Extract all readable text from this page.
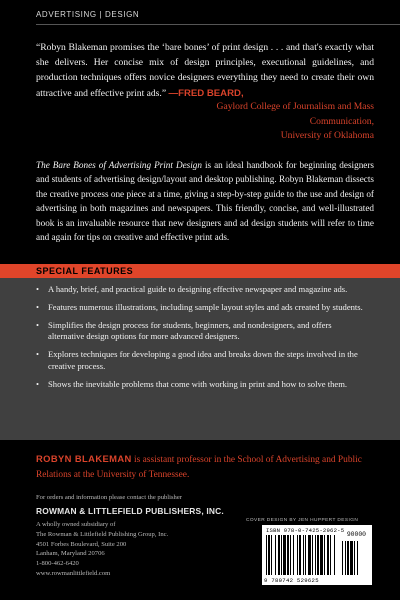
ADVERTISING | DESIGN
“Robyn Blakeman promises the ‘bare bones’ of print design . . . and that's exactly what she delivers. Her concise mix of design principles, executional guidelines, and production techniques offers novice designers everything they need to create their own attractive and effective print ads.” —FRED BEARD,
Gaylord College of Journalism and Mass Communication,
University of Oklahoma
The Bare Bones of Advertising Print Design is an ideal handbook for beginning designers and students of advertising design/layout and desktop publishing. Robyn Blakeman dissects the creative process one piece at a time, giving a step-by-step guide to the use and design of advertising in both magazines and newspapers. This friendly, concise, and well-illustrated book is an invaluable resource that new designers and ad design students will refer to time and again for tips on creative and effective print ads.
SPECIAL FEATURES
• A handy, brief, and practical guide to designing effective newspaper and magazine ads.
• Features numerous illustrations, including sample layout styles and ads created by students.
• Simplifies the design process for students, beginners, and nondesigners, and offers alternative design options for more advanced designers.
• Explores techniques for developing a good idea and breaks down the steps involved in the creative process.
• Shows the inevitable problems that come with working in print and how to solve them.
ROBYN BLAKEMAN is assistant professor in the School of Advertising and Public Relations at the University of Tennessee.
For orders and information please contact the publisher
ROWMAN & LITTLEFIELD PUBLISHERS, INC.
A wholly owned subsidiary of
The Rowman & Littlefield Publishing Group, Inc.
4501 Forbes Boulevard, Suite 200
Lanham, Maryland 20706
1-800-462-6420
www.rowmanlittlefield.com
COVER DESIGN BY JEN HUPPERT DESIGN
ISBN 978-0-7425-2962-5
90000
9 780742 529625
